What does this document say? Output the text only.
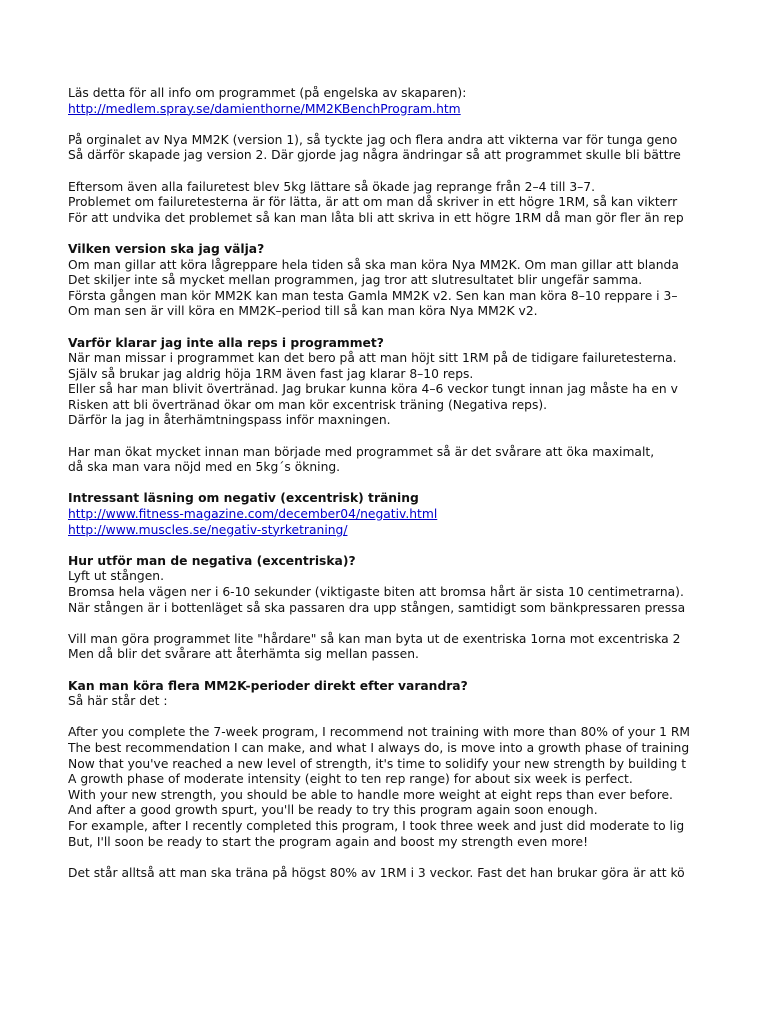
Läs detta för all info om programmet (på engelska av skaparen):
http://medlem.spray.se/damienthorne/MM2KBenchProgram.htm
På orginalet av Nya MM2K (version 1), så tyckte jag och flera andra att vikterna var för tunga geno
Så därför skapade jag version 2. Där gjorde jag några ändringar så att programmet skulle bli bättre
Eftersom även alla failuretest blev 5kg lättare så ökade jag reprange från 2–4 till 3–7.
Problemet om failuretesterna är för lätta, är att om man då skriver in ett högre 1RM, så kan vikterr
För att undvika det problemet så kan man låta bli att skriva in ett högre 1RM då man gör fler än rep
Vilken version ska jag välja?
Om man gillar att köra lågreppare hela tiden så ska man köra Nya MM2K. Om man gillar att blanda
Det skiljer inte så mycket mellan programmen, jag tror att slutresultatet blir ungefär samma.
Första gången man kör MM2K kan man testa Gamla MM2K v2. Sen kan man köra 8–10 reppare i 3–
Om man sen är vill köra en MM2K–period till så kan man köra Nya MM2K v2.
Varför klarar jag inte alla reps i programmet?
När man missar i programmet kan det bero på att man höjt sitt 1RM på de tidigare failuretesterna.
Själv så brukar jag aldrig höja 1RM även fast jag klarar 8–10 reps.
Eller så har man blivit övertränad. Jag brukar kunna köra 4–6 veckor tungt innan jag måste ha en v
Risken att bli övertränad ökar om man kör excentrisk träning (Negativa reps).
Därför la jag in återhämtningspass inför maxningen.
Har man ökat mycket innan man började med programmet så är det svårare att öka maximalt,
då ska man vara nöjd med en 5kg´s ökning.
Intressant läsning om negativ (excentrisk) träning
http://www.fitness-magazine.com/december04/negativ.html
http://www.muscles.se/negativ-styrketraning/
Hur utför man de negativa (excentriska)?
Lyft ut stången.
Bromsa hela vägen ner i 6-10 sekunder (viktigaste biten att bromsa hårt är sista 10 centimetrarna).
När stången är i bottenläget så ska passaren dra upp stången, samtidigt som bänkpressaren pressa
Vill man göra programmet lite "hårdare" så kan man byta ut de exentriska 1orna mot excentriska 2
Men då blir det svårare att återhämta sig mellan passen.
Kan man köra flera MM2K-perioder direkt efter varandra?
Så här står det :
After you complete the 7-week program, I recommend not training with more than 80% of your 1 RM
The best recommendation I can make, and what I always do, is move into a growth phase of training
Now that you've reached a new level of strength, it's time to solidify your new strength by building t
A growth phase of moderate intensity (eight to ten rep range) for about six week is perfect.
With your new strength, you should be able to handle more weight at eight reps than ever before.
And after a good growth spurt, you'll be ready to try this program again soon enough.
For example, after I recently completed this program, I took three week and just did moderate to lig
But, I'll soon be ready to start the program again and boost my strength even more!
Det står alltså att man ska träna på högst 80% av 1RM i 3 veckor. Fast det han brukar göra är att kö
